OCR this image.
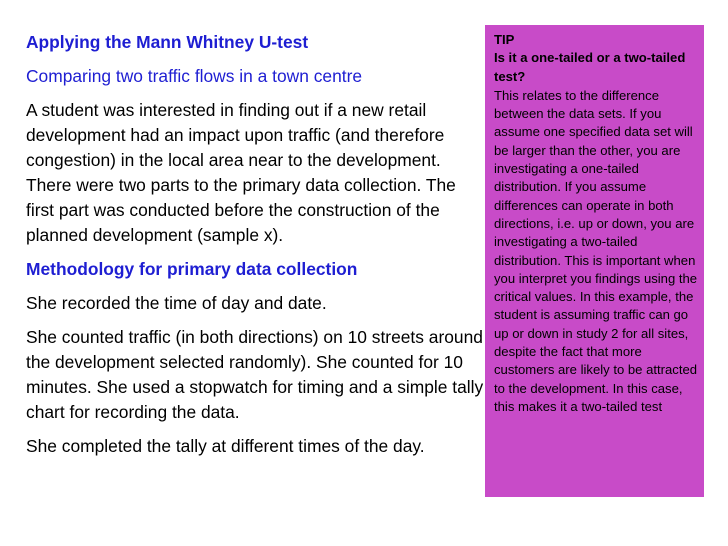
Applying the Mann Whitney U-test

Comparing two traffic flows in a town centre

A student was interested in finding out if a new retail development had an impact upon traffic (and therefore congestion) in the local area near to the development. There were two parts to the primary data collection. The first part was conducted before the construction of the planned development (sample x).

Methodology for primary data collection

She recorded the time of day and date.

She counted traffic (in both directions) on 10 streets around the development selected randomly). She counted for 10 minutes. She used a stopwatch for timing and a simple tally chart for recording the data.

She completed the tally at different times of the day.

TIP

Is it a one-tailed or a two-tailed test?

This relates to the difference between the data sets. If you assume one specified data set will be larger than the other, you are investigating a one-tailed distribution. If you assume differences can operate in both directions, i.e. up or down, you are investigating a two-tailed distribution. This is important when you interpret you findings using the critical values. In this example, the student is assuming traffic can go up or down in study 2 for all sites, despite the fact that more customers are likely to be attracted to the development. In this case, this makes it a two-tailed test
